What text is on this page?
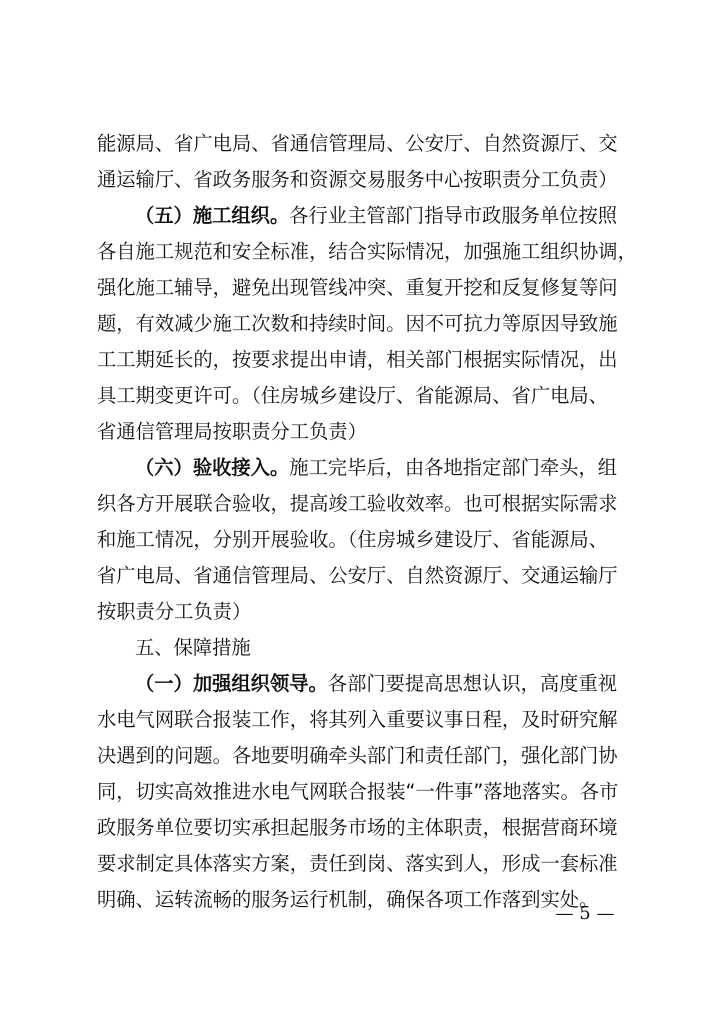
能源局、省广电局、省通信管理局、公安厅、自然资源厅、交
通运输厅、省政务服务和资源交易服务中心按职责分工负责）
（五）施工组织。各行业主管部门指导市政服务单位按照
各自施工规范和安全标准，结合实际情况，加强施工组织协调，
强化施工辅导，避免出现管线冲突、重复开挖和反复修复等问
题，有效减少施工次数和持续时间。因不可抗力等原因导致施
工工期延长的，按要求提出申请，相关部门根据实际情况，出
具工期变更许可。（住房城乡建设厅、省能源局、省广电局、
省通信管理局按职责分工负责）
（六）验收接入。施工完毕后，由各地指定部门牵头，组
织各方开展联合验收，提高竣工验收效率。也可根据实际需求
和施工情况，分别开展验收。（住房城乡建设厅、省能源局、
省广电局、省通信管理局、公安厅、自然资源厅、交通运输厅
按职责分工负责）
五、保障措施
（一）加强组织领导。各部门要提高思想认识，高度重视
水电气网联合报装工作，将其列入重要议事日程，及时研究解
决遇到的问题。各地要明确牵头部门和责任部门，强化部门协
同，切实高效推进水电气网联合报装“一件事”落地落实。各市
政服务单位要切实承担起服务市场的主体职责，根据营商环境
要求制定具体落实方案，责任到岗、落实到人，形成一套标准
明确、运转流畅的服务运行机制，确保各项工作落到实处。
— 5 —
